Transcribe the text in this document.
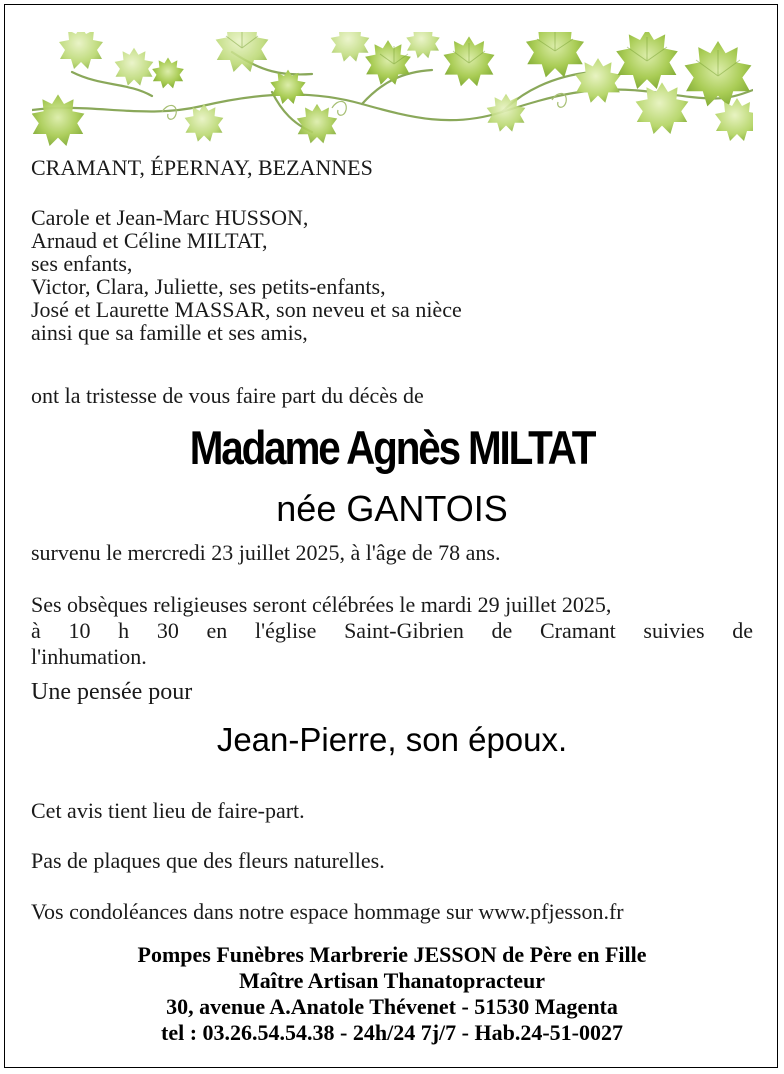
CRAMANT, ÉPERNAY, BEZANNES
Carole et Jean-Marc HUSSON,
Arnaud et Céline MILTAT,
ses enfants,
Victor, Clara, Juliette, ses petits-enfants,
José et Laurette MASSAR, son neveu et sa nièce
ainsi que sa famille et ses amis,
ont la tristesse de vous faire part du décès de
Madame Agnès MILTAT
née GANTOIS
survenu le mercredi 23 juillet 2025, à l'âge de 78 ans.
Ses obsèques religieuses seront célébrées le mardi 29 juillet 2025,
à 10 h 30 en l'église Saint-Gibrien de Cramant suivies de
l'inhumation.
Une pensée pour
Jean-Pierre, son époux.
Cet avis tient lieu de faire-part.
Pas de plaques que des fleurs naturelles.
Vos condoléances dans notre espace hommage sur www.pfjesson.fr
Pompes Funèbres Marbrerie JESSON de Père en Fille
Maître Artisan Thanatopracteur
30, avenue A.Anatole Thévenet - 51530 Magenta
tel : 03.26.54.54.38 - 24h/24 7j/7 - Hab.24-51-0027
